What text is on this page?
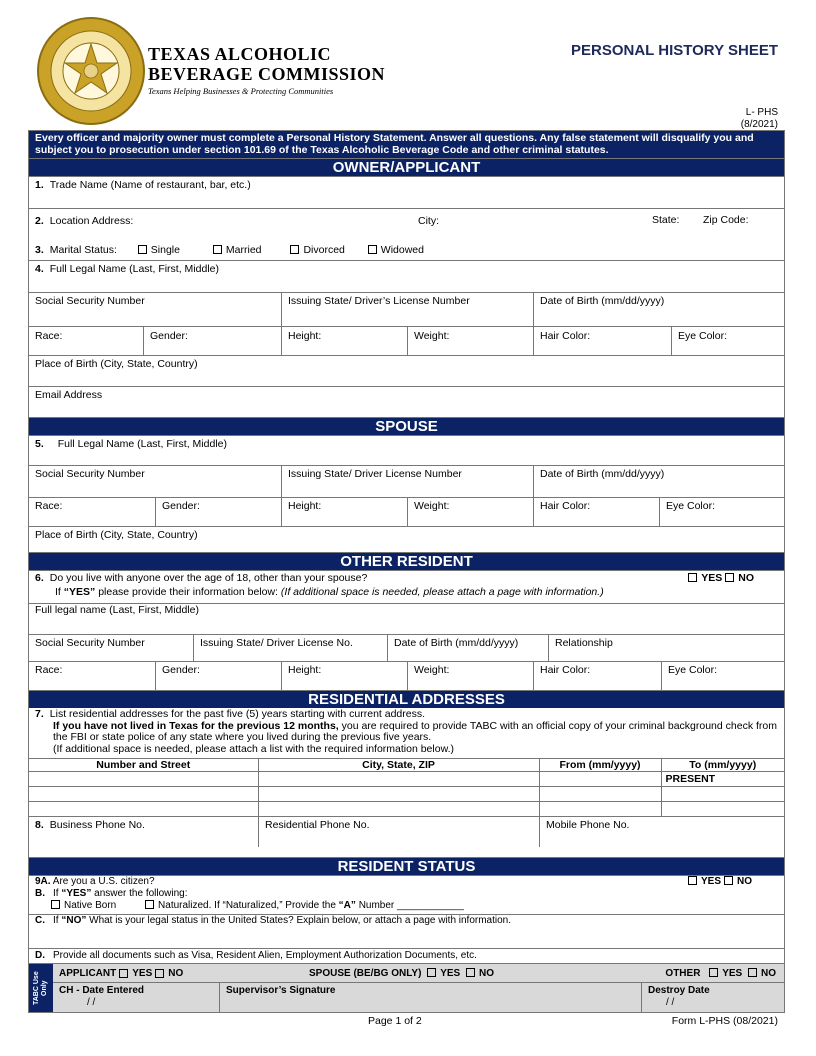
TEXAS ALCOHOLIC
BEVERAGE COMMISSION
Texans Helping Businesses & Protecting Communities
PERSONAL HISTORY SHEET
L- PHS
(8/2021)
Every officer and majority owner must complete a Personal History Statement. Answer all questions. Any false statement will disqualify you and subject you to prosecution under section 101.69 of the Texas Alcoholic Beverage Code and other criminal statutes.
OWNER/APPLICANT
1. Trade Name (Name of restaurant, bar, etc.)
2. Location Address:	City:	State: Zip Code:
3. Marital Status:	Single	Married	Divorced	Widowed
4. Full Legal Name (Last, First, Middle)
Social Security Number	Issuing State/ Driver’s License Number	Date of Birth (mm/dd/yyyy)
Race:	Gender:	Height:	Weight:	Hair Color:	Eye Color:
Place of Birth (City, State, Country)
Email Address
SPOUSE
5. Full Legal Name (Last, First, Middle)
Social Security Number	Issuing State/ Driver License Number	Date of Birth (mm/dd/yyyy)
Race:	Gender:	Height:	Weight:	Hair Color:	Eye Color:
Place of Birth (City, State, Country)
OTHER RESIDENT
6. Do you live with anyone over the age of 18, other than your spouse?	YES NO
If “YES” please provide their information below: (If additional space is needed, please attach a page with information.)
Full legal name (Last, First, Middle)
Social Security Number	Issuing State/ Driver License No.	Date of Birth (mm/dd/yyyy)	Relationship
Race:	Gender:	Height:	Weight:	Hair Color:	Eye Color:
RESIDENTIAL ADDRESSES
7. List residential addresses for the past five (5) years starting with current address.
If you have not lived in Texas for the previous 12 months, you are required to provide TABC with an official copy of your criminal background check from the FBI or state police of any state where you lived during the previous five years.
(If additional space is needed, please attach a list with the required information below.)
Number and Street	City, State, ZIP	From (mm/yyyy)	To (mm/yyyy)
			PRESENT

8. Business Phone No.	Residential Phone No.	Mobile Phone No.
RESIDENT STATUS
9A. Are you a U.S. citizen?	YES NO
B. If “YES” answer the following:
Native Born	Naturalized. If “Naturalized,” Provide the “A” Number ____________
C. If “NO” What is your legal status in the United States? Explain below, or attach a page with information.
D. Provide all documents such as Visa, Resident Alien, Employment Authorization Documents, etc.
TABC Use Only
APPLICANT YES NO	SPOUSE (BE/BG ONLY) YES NO	OTHER YES NO
CH - Date Entered
/ /
Supervisor’s Signature	Destroy Date
/ /
Page 1 of 2	Form L-PHS (08/2021)
